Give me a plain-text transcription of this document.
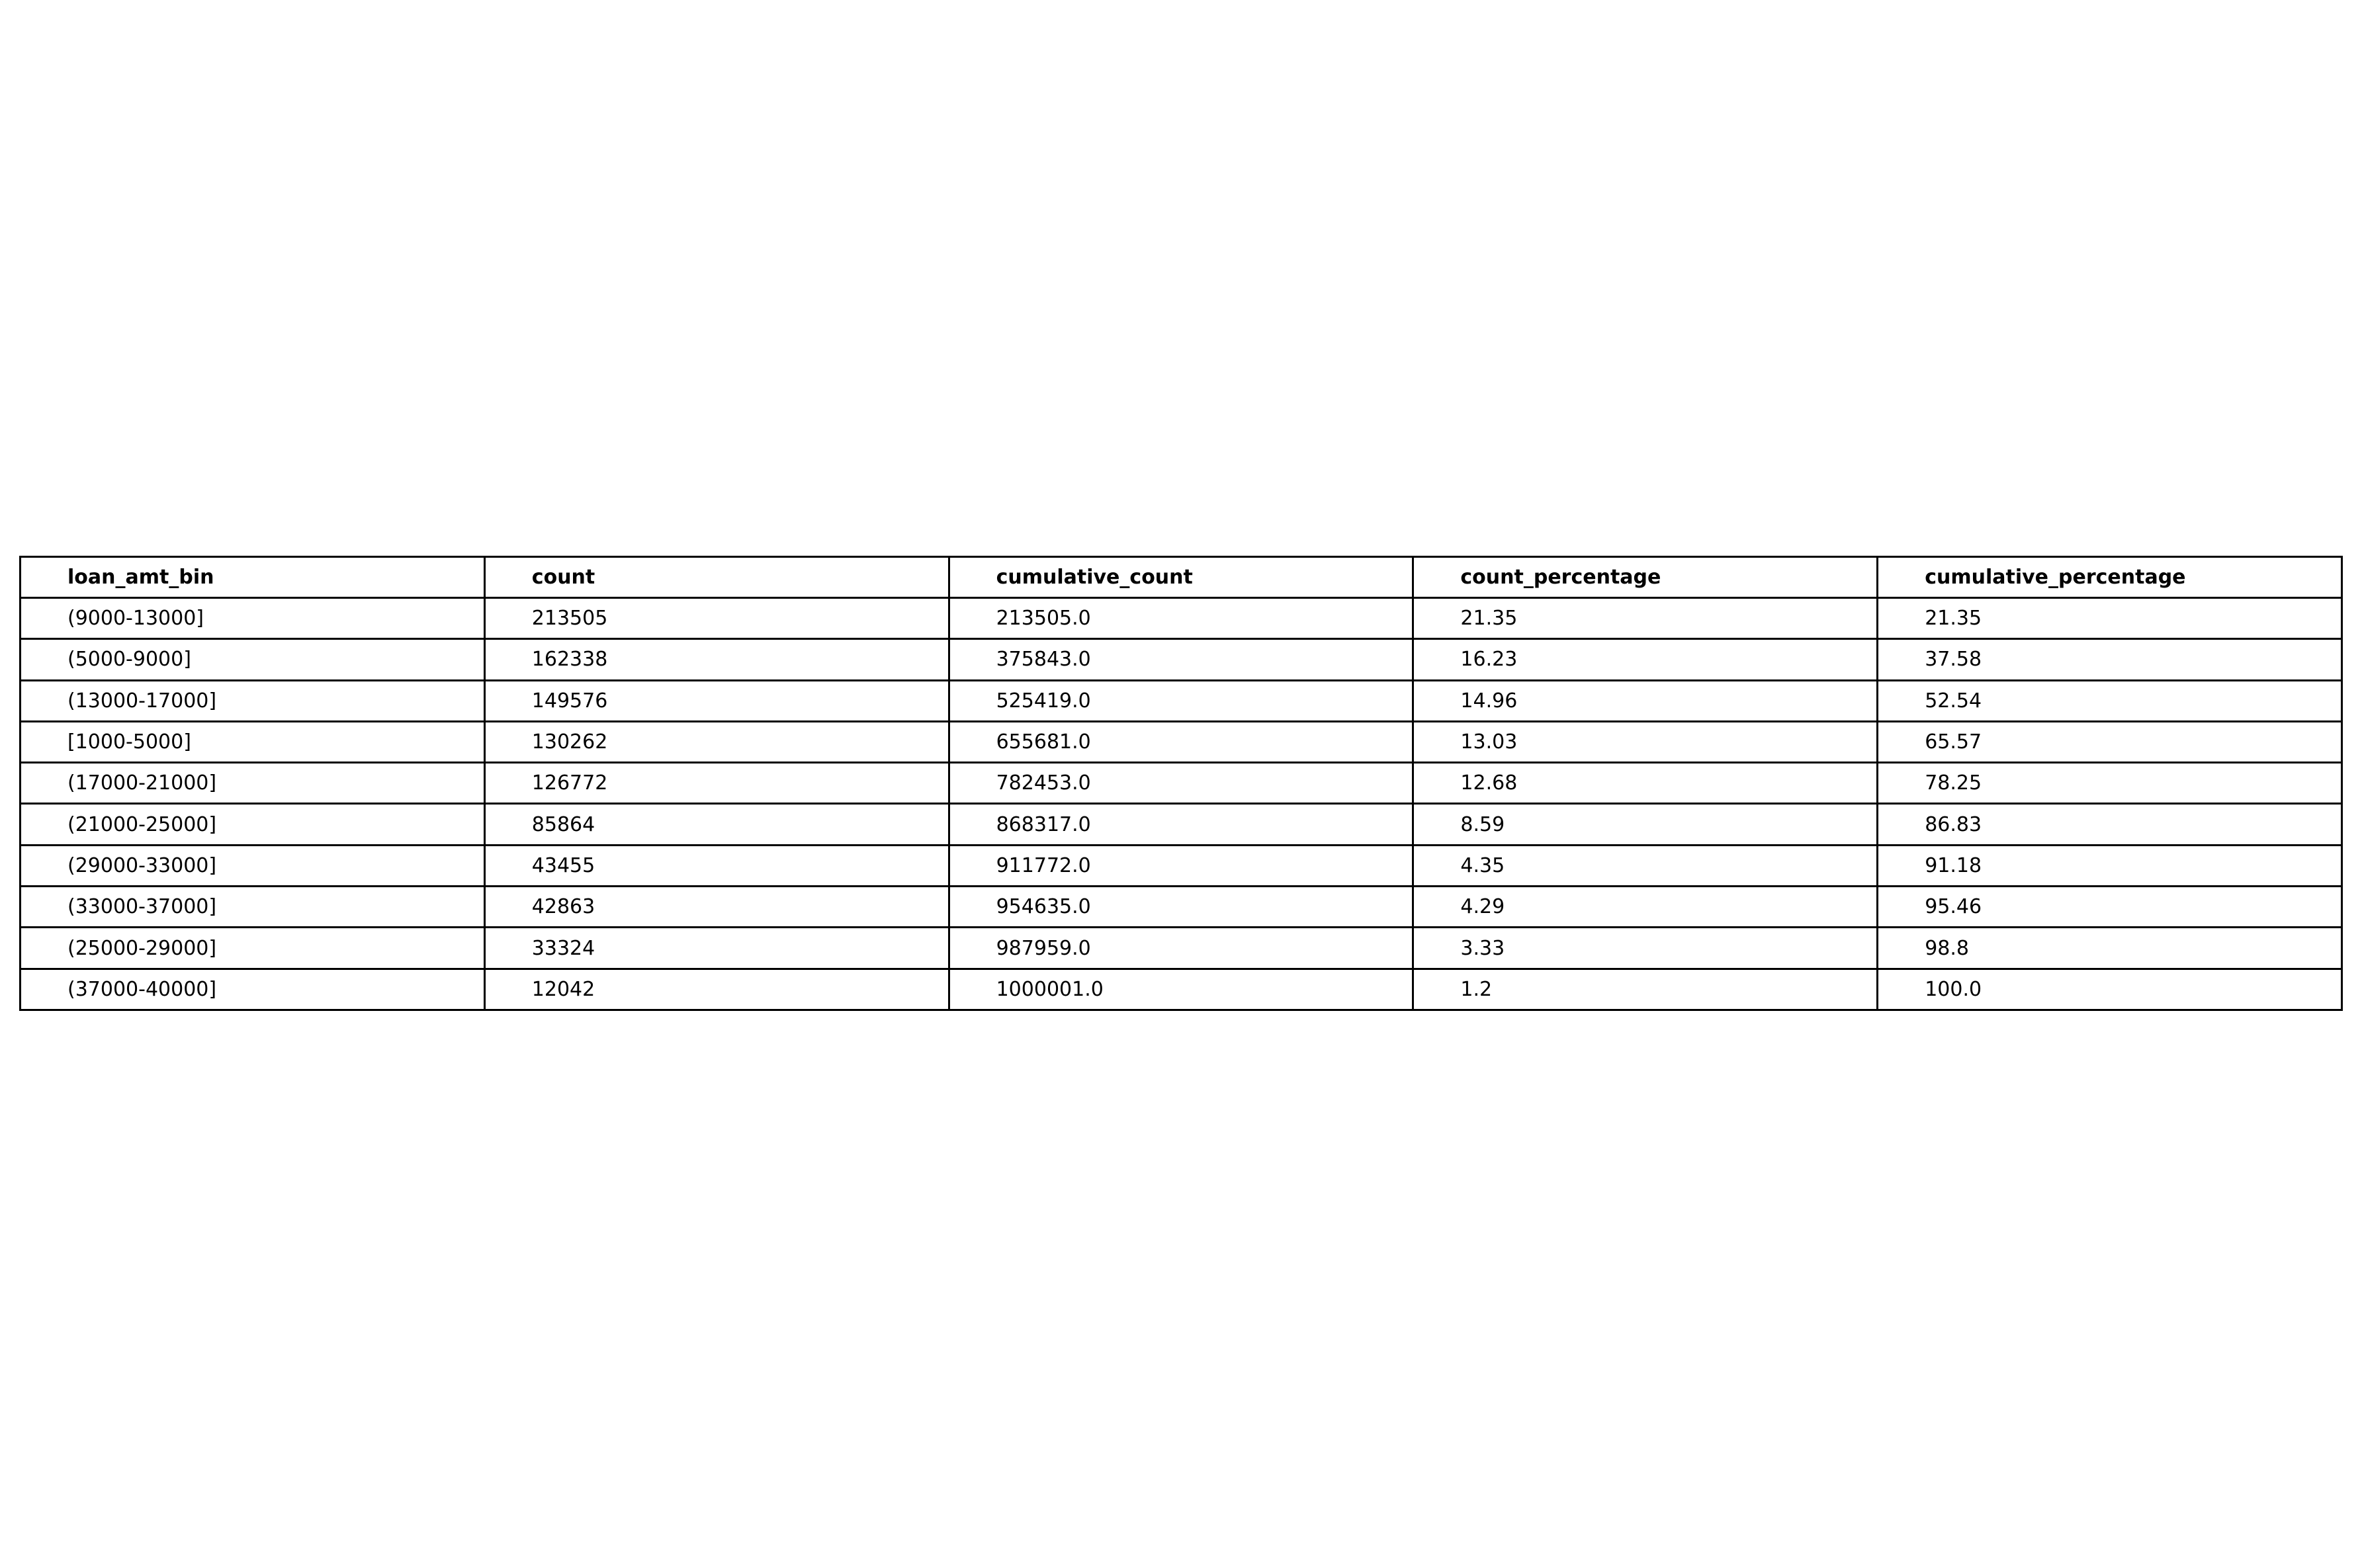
loan_amt_bin	count	cumulative_count	count_percentage	cumulative_percentage
(9000-13000]	213505	213505.0	21.35	21.35
(5000-9000]	162338	375843.0	16.23	37.58
(13000-17000]	149576	525419.0	14.96	52.54
[1000-5000]	130262	655681.0	13.03	65.57
(17000-21000]	126772	782453.0	12.68	78.25
(21000-25000]	85864	868317.0	8.59	86.83
(29000-33000]	43455	911772.0	4.35	91.18
(33000-37000]	42863	954635.0	4.29	95.46
(25000-29000]	33324	987959.0	3.33	98.8
(37000-40000]	12042	1000001.0	1.2	100.0
